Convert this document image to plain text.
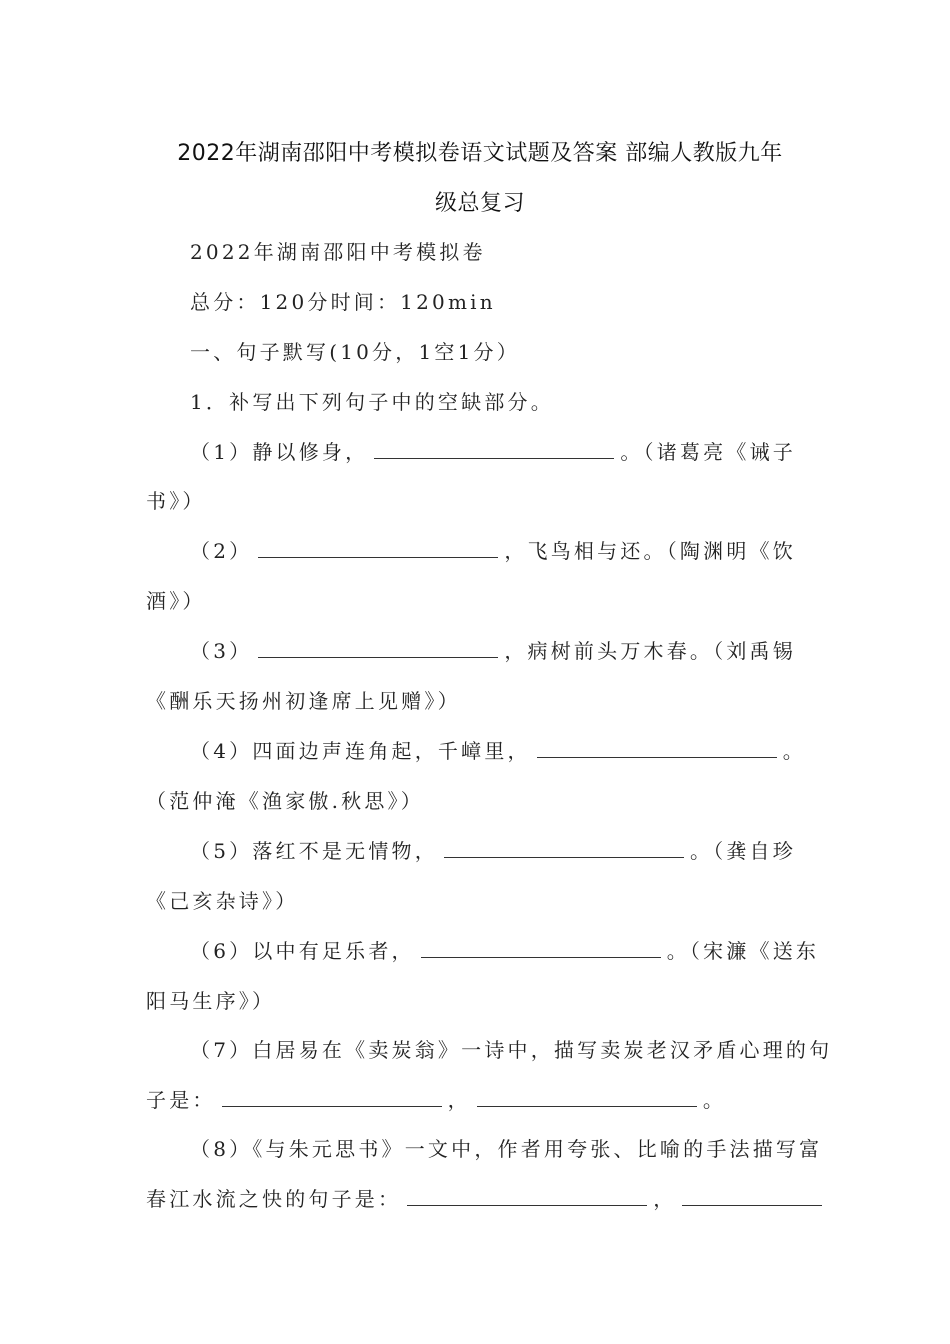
2022年湖南邵阳中考模拟卷语文试题及答案 部编人教版九年
级总复习
2022年湖南邵阳中考模拟卷
总分：120分时间：120min
一、句子默写(10分，1空1分）
1．补写出下列句子中的空缺部分。
（1）静以修身，	。（诸葛亮《诫子
书》）
（2）	，飞鸟相与还。（陶渊明《饮
酒》）
（3）	，病树前头万木春。（刘禹锡
《酬乐天扬州初逢席上见赠》）
（4）四面边声连角起，千嶂里，	。
（范仲淹《渔家傲.秋思》）
（5）落红不是无情物，	。（龚自珍
《己亥杂诗》）
（6）以中有足乐者，	。（宋濂《送东
阳马生序》）
（7）白居易在《卖炭翁》一诗中，描写卖炭老汉矛盾心理的句
子是：	，	。
（8）《与朱元思书》一文中，作者用夸张、比喻的手法描写富
春江水流之快的句子是：	，
